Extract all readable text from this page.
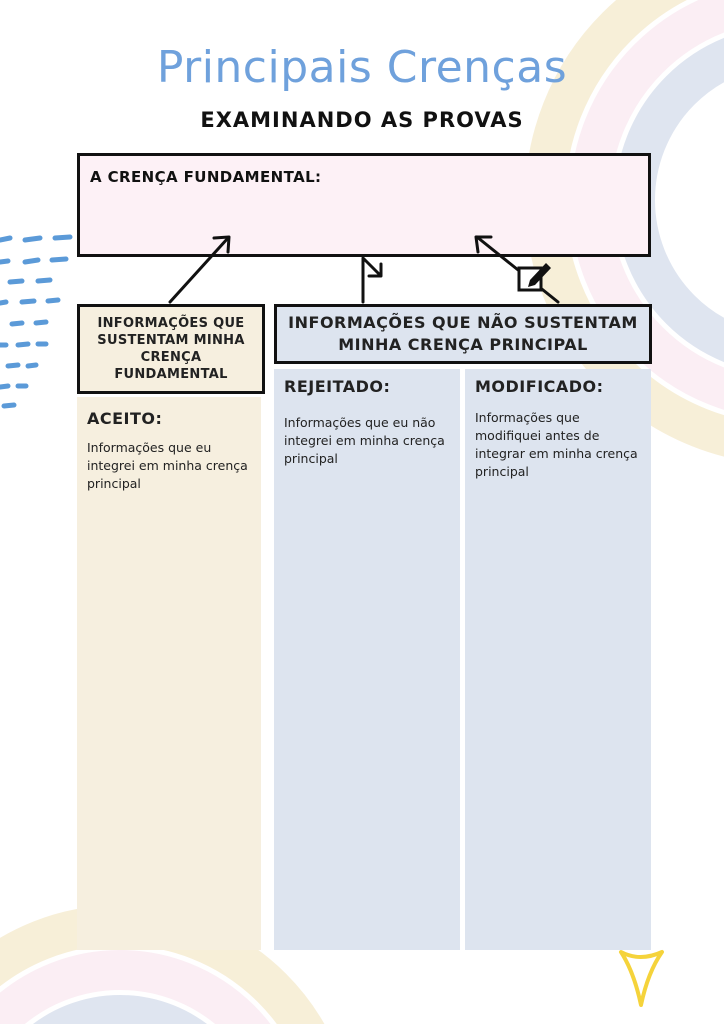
Principais Crenças
EXAMINANDO AS PROVAS
A CRENÇA FUNDAMENTAL:
INFORMAÇÕES QUE SUSTENTAM MINHA CRENÇA FUNDAMENTAL
INFORMAÇÕES QUE NÃO SUSTENTAM MINHA CRENÇA PRINCIPAL
ACEITO:
Informações que eu integrei em minha crença principal
REJEITADO:
Informações que eu não integrei em minha crença principal
MODIFICADO:
Informações que modifiquei antes de integrar em minha crença principal
